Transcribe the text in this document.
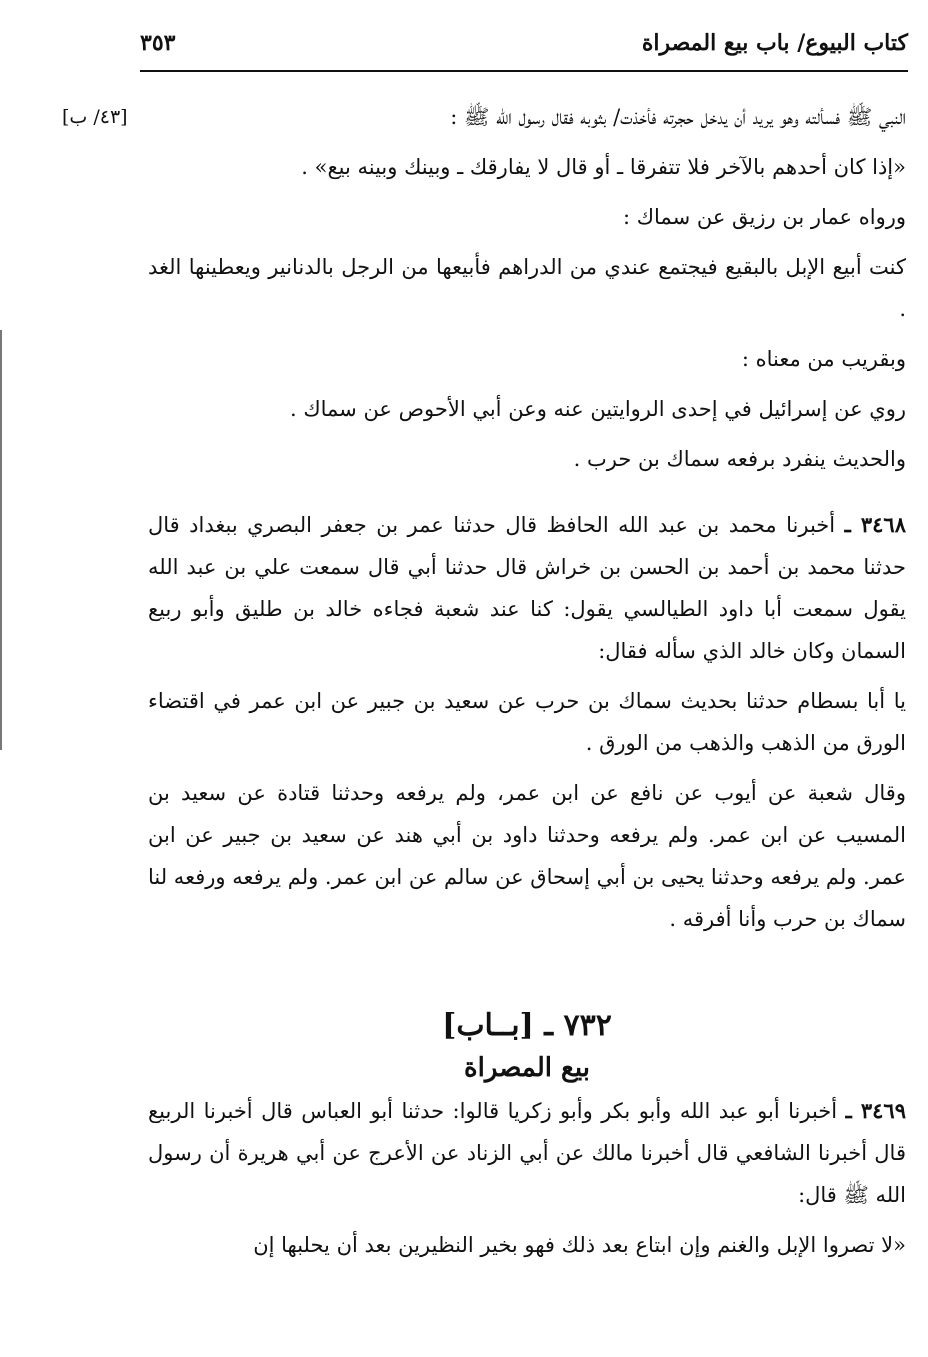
كتاب البيوع/ باب بيع المصراة
٣٥٣
[٤٣/ ب]	النبي ﷺ فسألته وهو يريد أن يدخل حجرته فأخذت/ بثوبه فقال رسول الله ﷺ :

«إذا كان أحدهم بالآخر فلا تتفرقا ـ أو قال لا يفارقك ـ وبينك وبينه بيع» .

ورواه عمار بن رزيق عن سماك :

كنت أبيع الإبل بالبقيع فيجتمع عندي من الدراهم فأبيعها من الرجل بالدنانير ويعطينها الغد .

وبقريب من معناه :

روي عن إسرائيل في إحدى الروايتين عنه وعن أبي الأحوص عن سماك .

والحديث ينفرد برفعه سماك بن حرب .

٣٤٦٨ ـ أخبرنا محمد بن عبد الله الحافظ قال حدثنا عمر بن جعفر البصري ببغداد قال حدثنا محمد بن أحمد بن الحسن بن خراش قال حدثنا أبي قال سمعت علي بن عبد الله يقول سمعت أبا داود الطيالسي يقول: كنا عند شعبة فجاءه خالد بن طليق وأبو ربيع السمان وكان خالد الذي سأله فقال:

يا أبا بسطام حدثنا بحديث سماك بن حرب عن سعيد بن جبير عن ابن عمر في اقتضاء الورق من الذهب والذهب من الورق .

وقال شعبة عن أيوب عن نافع عن ابن عمر، ولم يرفعه وحدثنا قتادة عن سعيد بن المسيب عن ابن عمر. ولم يرفعه وحدثنا داود بن أبي هند عن سعيد بن جبير عن ابن عمر. ولم يرفعه وحدثنا يحيى بن أبي إسحاق عن سالم عن ابن عمر. ولم يرفعه ورفعه لنا سماك بن حرب وأنا أفرقه .

٧٣٢ ـ [بــاب]
بيع المصراة

٣٤٦٩ ـ أخبرنا أبو عبد الله وأبو بكر وأبو زكريا قالوا: حدثنا أبو العباس قال أخبرنا الربيع قال أخبرنا الشافعي قال أخبرنا مالك عن أبي الزناد عن الأعرج عن أبي هريرة أن رسول الله ﷺ قال:

«لا تصروا الإبل والغنم وإن ابتاع بعد ذلك فهو بخير النظيرين بعد أن يحلبها إن
